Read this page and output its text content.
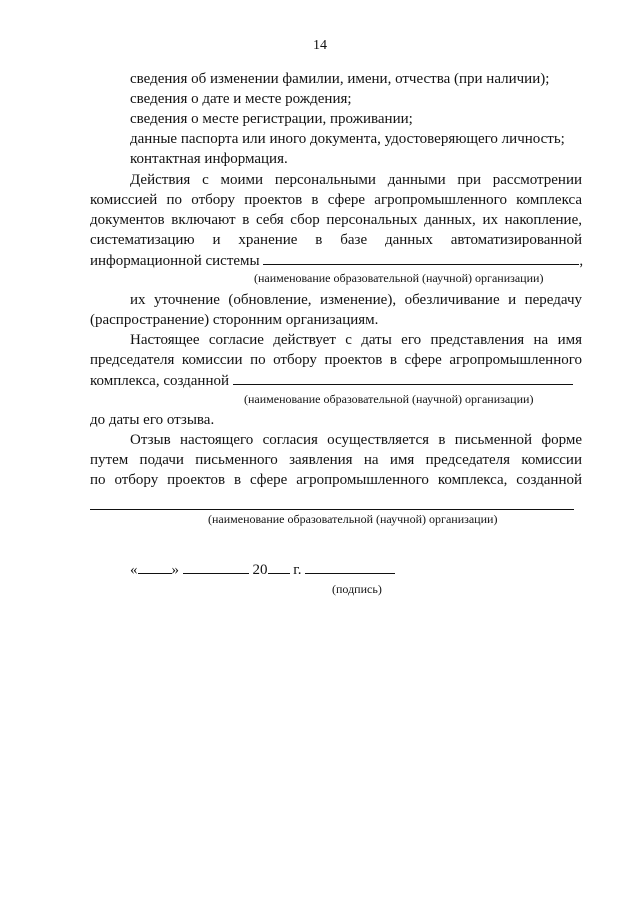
14
сведения об изменении фамилии, имени, отчества (при наличии);
сведения о дате и месте рождения;
сведения о месте регистрации, проживании;
данные паспорта или иного документа, удостоверяющего личность;
контактная информация.
Действия с моими персональными данными при рассмотрении
комиссией по отбору проектов в сфере агропромышленного комплекса
документов включают в себя сбор персональных данных, их накопление,
систематизацию и хранение в базе данных автоматизированной
информационной системы	,
(наименование образовательной (научной) организации)
их уточнение (обновление, изменение), обезличивание и передачу
(распространение) сторонним организациям.
Настоящее согласие действует с даты его представления на имя
председателя комиссии по отбору проектов в сфере агропромышленного
комплекса, созданной
(наименование образовательной (научной) организации)
до даты его отзыва.
Отзыв настоящего согласия осуществляется в письменной форме
путем подачи письменного заявления на имя председателя комиссии
по отбору проектов в сфере агропромышленного комплекса, созданной
(наименование образовательной (научной) организации)
« »	20 г.
(подпись)
